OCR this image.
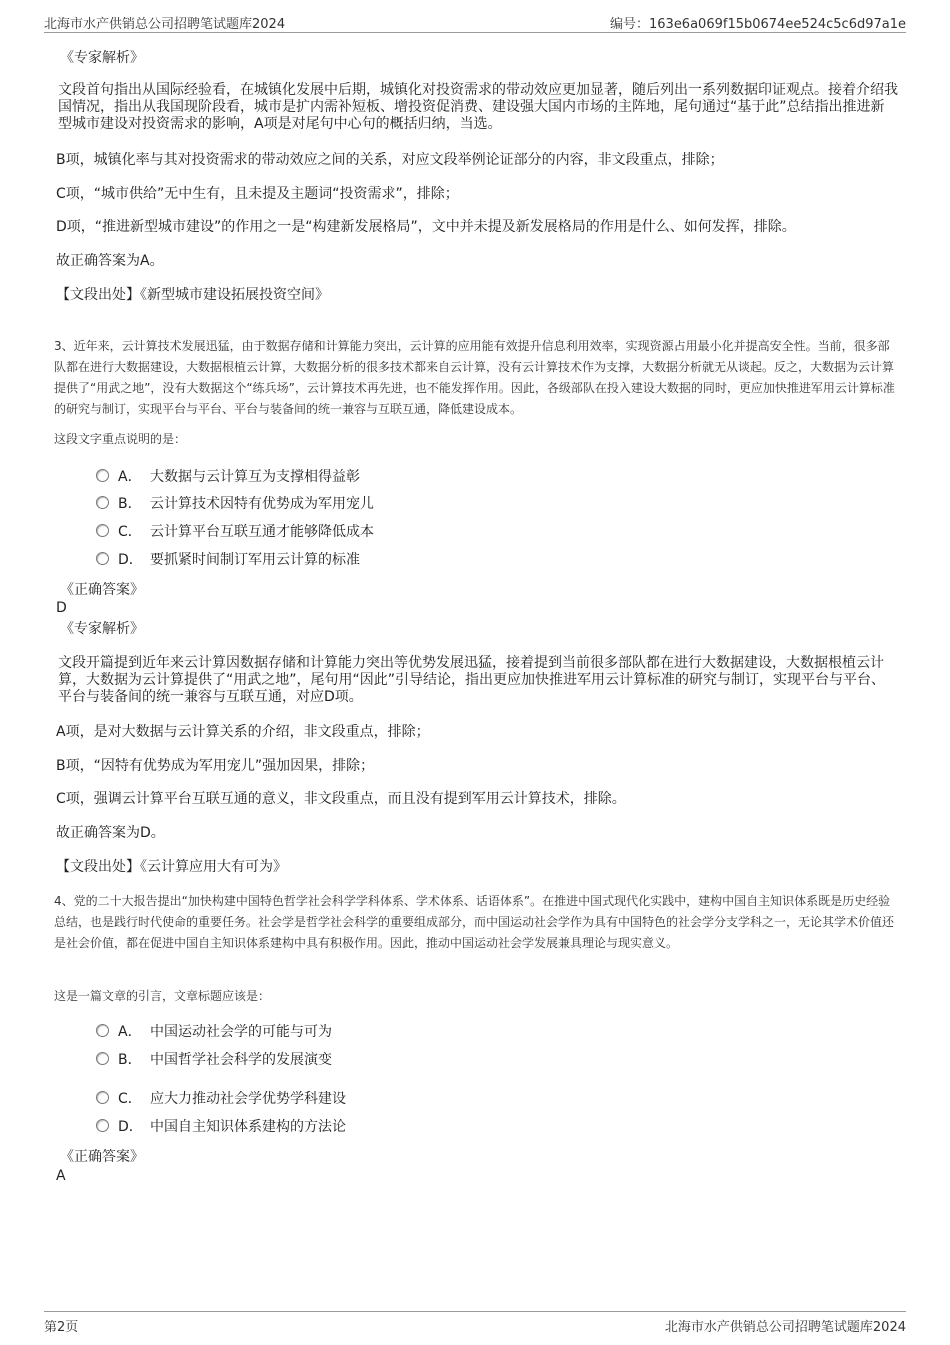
北海市水产供销总公司招聘笔试题库2024	编号：163e6a069f15b0674ee524c5c6d97a1e
《专家解析》
文段首句指出从国际经验看，在城镇化发展中后期，城镇化对投资需求的带动效应更加显著，随后列出一系列数据印证观点。接着介绍我国情况，指出从我国现阶段看，城市是扩内需补短板、增投资促消费、建设强大国内市场的主阵地，尾句通过“基于此”总结指出推进新型城市建设对投资需求的影响，A项是对尾句中心句的概括归纳，当选。
B项，城镇化率与其对投资需求的带动效应之间的关系，对应文段举例论证部分的内容，非文段重点，排除；
C项，“城市供给”无中生有，且未提及主题词“投资需求”，排除；
D项，“推进新型城市建设”的作用之一是“构建新发展格局”，文中并未提及新发展格局的作用是什么、如何发挥，排除。
故正确答案为A。
【文段出处】《新型城市建设拓展投资空间》
3、近年来，云计算技术发展迅猛，由于数据存储和计算能力突出，云计算的应用能有效提升信息利用效率，实现资源占用最小化并提高安全性。当前，很多部队都在进行大数据建设，大数据根植云计算，大数据分析的很多技术都来自云计算，没有云计算技术作为支撑，大数据分析就无从谈起。反之，大数据为云计算提供了“用武之地”，没有大数据这个“练兵场”，云计算技术再先进，也不能发挥作用。因此，各级部队在投入建设大数据的同时，更应加快推进军用云计算标准的研究与制订，实现平台与平台、平台与装备间的统一兼容与互联互通，降低建设成本。
这段文字重点说明的是：
A． 大数据与云计算互为支撑相得益彰
B． 云计算技术因特有优势成为军用宠儿
C． 云计算平台互联互通才能够降低成本
D． 要抓紧时间制订军用云计算的标准
《正确答案》
D
《专家解析》
文段开篇提到近年来云计算因数据存储和计算能力突出等优势发展迅猛，接着提到当前很多部队都在进行大数据建设，大数据根植云计算，大数据为云计算提供了“用武之地”，尾句用“因此”引导结论，指出更应加快推进军用云计算标准的研究与制订，实现平台与平台、平台与装备间的统一兼容与互联互通，对应D项。
A项，是对大数据与云计算关系的介绍，非文段重点，排除；
B项，“因特有优势成为军用宠儿”强加因果，排除；
C项，强调云计算平台互联互通的意义，非文段重点，而且没有提到军用云计算技术，排除。
故正确答案为D。
【文段出处】《云计算应用大有可为》
4、党的二十大报告提出“加快构建中国特色哲学社会科学学科体系、学术体系、话语体系”。在推进中国式现代化实践中，建构中国自主知识体系既是历史经验总结，也是践行时代使命的重要任务。社会学是哲学社会科学的重要组成部分，而中国运动社会学作为具有中国特色的社会学分支学科之一，无论其学术价值还是社会价值，都在促进中国自主知识体系建构中具有积极作用。因此，推动中国运动社会学发展兼具理论与现实意义。
这是一篇文章的引言，文章标题应该是：
A． 中国运动社会学的可能与可为
B． 中国哲学社会科学的发展演变
C． 应大力推动社会学优势学科建设
D． 中国自主知识体系建构的方法论
《正确答案》
A
第2页	北海市水产供销总公司招聘笔试题库2024
